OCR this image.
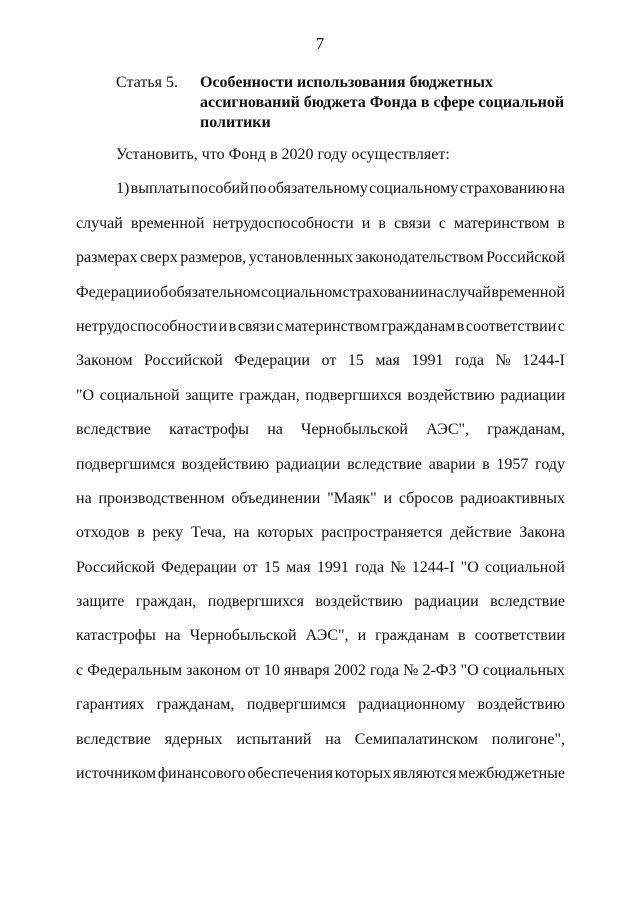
7
Статья 5. Особенности использования бюджетных
ассигнований бюджета Фонда в сфере социальной
политики
Установить, что Фонд в 2020 году осуществляет:
1) выплаты пособий по обязательному социальному страхованию на
случай временной нетрудоспособности и в связи с материнством в
размерах сверх размеров, установленных законодательством Российской
Федерации об обязательном социальном страховании на случай временной
нетрудоспособности и в связи с материнством гражданам в соответствии с
Законом Российской Федерации от 15 мая 1991 года № 1244-I
"О социальной защите граждан, подвергшихся воздействию радиации
вследствие катастрофы на Чернобыльской АЭС", гражданам,
подвергшимся воздействию радиации вследствие аварии в 1957 году
на производственном объединении "Маяк" и сбросов радиоактивных
отходов в реку Теча, на которых распространяется действие Закона
Российской Федерации от 15 мая 1991 года № 1244-I "О социальной
защите граждан, подвергшихся воздействию радиации вследствие
катастрофы на Чернобыльской АЭС", и гражданам в соответствии
с Федеральным законом от 10 января 2002 года № 2-ФЗ "О социальных
гарантиях гражданам, подвергшимся радиационному воздействию
вследствие ядерных испытаний на Семипалатинском полигоне",
источником финансового обеспечения которых являются межбюджетные
